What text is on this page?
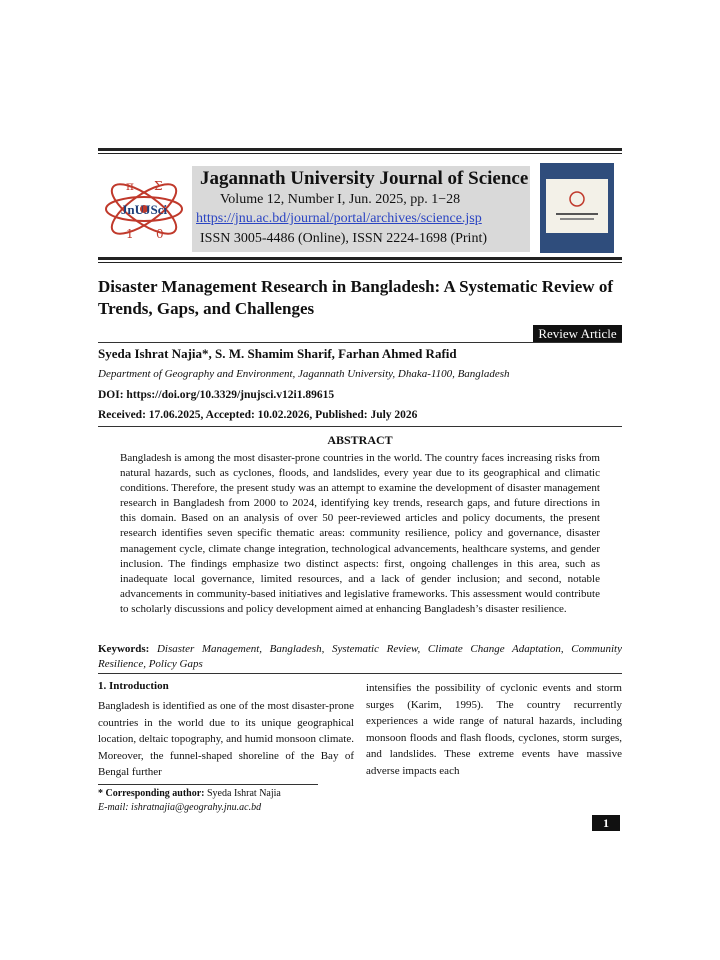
π Σ
1 0
JnUJSci
Jagannath University Journal of Science
Volume 12, Number I, Jun. 2025, pp. 1−28
https://jnu.ac.bd/journal/portal/archives/science.jsp
ISSN 3005-4486 (Online), ISSN 2224-1698 (Print)
Disaster Management Research in Bangladesh: A Systematic Review of Trends, Gaps, and Challenges
Review Article
Syeda Ishrat Najia*, S. M. Shamim Sharif, Farhan Ahmed Rafid
Department of Geography and Environment, Jagannath University, Dhaka-1100, Bangladesh
DOI: https://doi.org/10.3329/jnujsci.v12i1.89615
Received: 17.06.2025, Accepted: 10.02.2026, Published: July 2026
ABSTRACT
Bangladesh is among the most disaster-prone countries in the world. The country faces increasing risks from natural hazards, such as cyclones, floods, and landslides, every year due to its geographical and climatic conditions. Therefore, the present study was an attempt to examine the development of disaster management research in Bangladesh from 2000 to 2024, identifying key trends, research gaps, and future directions in this domain. Based on an analysis of over 50 peer-reviewed articles and policy documents, the present research identifies seven specific thematic areas: community resilience, policy and governance, disaster management cycle, climate change integration, technological advancements, healthcare systems, and gender inclusion. The findings emphasize two distinct aspects: first, ongoing challenges in this area, such as inadequate local governance, limited resources, and a lack of gender inclusion; and second, notable advancements in community-based initiatives and legislative frameworks. This assessment would contribute to scholarly discussions and policy development aimed at enhancing Bangladesh’s disaster resilience.
Keywords: Disaster Management, Bangladesh, Systematic Review, Climate Change Adaptation, Community Resilience, Policy Gaps
1. Introduction
Bangladesh is identified as one of the most disaster-prone countries in the world due to its unique geographical location, deltaic topography, and humid monsoon climate. Moreover, the funnel-shaped shoreline of the Bay of Bengal further
intensifies the possibility of cyclonic events and storm surges (Karim, 1995). The country recurrently experiences a wide range of natural hazards, including monsoon floods and flash floods, cyclones, storm surges, and landslides. These extreme events have massive adverse impacts each
* Corresponding author: Syeda Ishrat Najia
E-mail: ishratnajia@geograhy.jnu.ac.bd
1
